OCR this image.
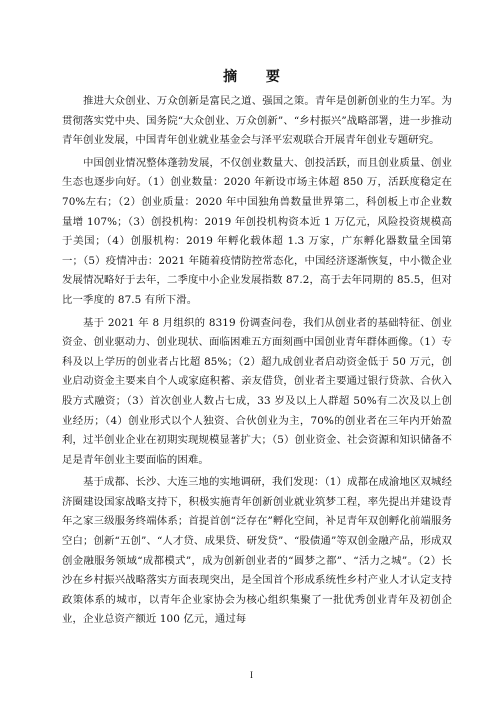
摘 要

推进大众创业、万众创新是富民之道、强国之策。青年是创新创业的生力军。为贯彻落实党中央、国务院“大众创业、万众创新”、“乡村振兴”战略部署，进一步推动青年创业发展，中国青年创业就业基金会与泽平宏观联合开展青年创业专题研究。

中国创业情况整体蓬勃发展，不仅创业数量大、创投活跃，而且创业质量、创业生态也逐步向好。（1）创业数量：2020 年新设市场主体超 850 万，活跃度稳定在 70%左右；（2）创业质量：2020 年中国独角兽数量世界第二，科创板上市企业数量增 107%；（3）创投机构：2019 年创投机构资本近 1 万亿元，风险投资规模高于美国；（4）创服机构：2019 年孵化载体超 1.3 万家，广东孵化器数量全国第一；（5）疫情冲击：2021 年随着疫情防控常态化，中国经济逐渐恢复，中小微企业发展情况略好于去年，二季度中小企业发展指数 87.2，高于去年同期的 85.5，但对比一季度的 87.5 有所下滑。

基于 2021 年 8 月组织的 8319 份调查问卷，我们从创业者的基础特征、创业资金、创业驱动力、创业现状、面临困难五方面刻画中国创业青年群体画像。（1）专科及以上学历的创业者占比超 85%；（2）超九成创业者启动资金低于 50 万元，创业启动资金主要来自个人或家庭积蓄、亲友借贷，创业者主要通过银行贷款、合伙入股方式融资；（3）首次创业人数占七成，33 岁及以上人群超 50%有二次及以上创业经历；（4）创业形式以个人独资、合伙创业为主，70%的创业者在三年内开始盈利，过半创业企业在初期实现规模显著扩大；（5）创业资金、社会资源和知识储备不足是青年创业主要面临的困难。

基于成都、长沙、大连三地的实地调研，我们发现：（1）成都在成渝地区双城经济圈建设国家战略支持下，积极实施青年创新创业就业筑梦工程，率先提出并建设青年之家三级服务终端体系；首提首创“泛存在”孵化空间，补足青年双创孵化前端服务空白；创新“五创”、“人才贷、成果贷、研发贷”、“股债通”等双创金融产品，形成双创金融服务领域“成都模式”，成为创新创业者的“圆梦之都”、“活力之城”。（2）长沙在乡村振兴战略落实方面表现突出，是全国首个形成系统性乡村产业人才认定支持政策体系的城市，以青年企业家协会为核心组织集聚了一批优秀创业青年及初创企业，企业总资产额近 100 亿元，通过每

I
